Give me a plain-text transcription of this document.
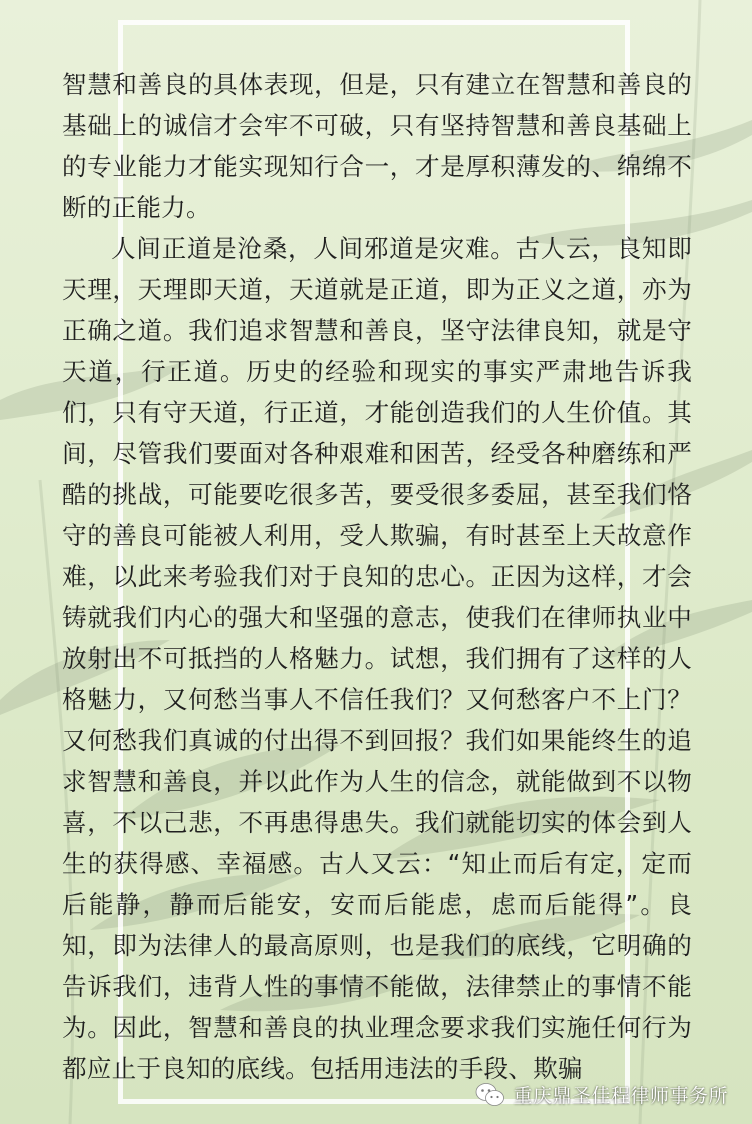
智慧和善良的具体表现，但是，只有建立在智慧和善良的基础上的诚信才会牢不可破，只有坚持智慧和善良基础上的专业能力才能实现知行合一，才是厚积薄发的、绵绵不断的正能力。

人间正道是沧桑，人间邪道是灾难。古人云，良知即天理，天理即天道，天道就是正道，即为正义之道，亦为正确之道。我们追求智慧和善良，坚守法律良知，就是守天道，行正道。历史的经验和现实的事实严肃地告诉我们，只有守天道，行正道，才能创造我们的人生价值。其间，尽管我们要面对各种艰难和困苦，经受各种磨练和严酷的挑战，可能要吃很多苦，要受很多委屈，甚至我们恪守的善良可能被人利用，受人欺骗，有时甚至上天故意作难，以此来考验我们对于良知的忠心。正因为这样，才会铸就我们内心的强大和坚强的意志，使我们在律师执业中放射出不可抵挡的人格魅力。试想，我们拥有了这样的人格魅力，又何愁当事人不信任我们？又何愁客户不上门？又何愁我们真诚的付出得不到回报？我们如果能终生的追求智慧和善良，并以此作为人生的信念，就能做到不以物喜，不以己悲，不再患得患失。我们就能切实的体会到人生的获得感、幸福感。古人又云：“知止而后有定，定而后能静，静而后能安，安而后能虑，虑而后能得”。良知，即为法律人的最高原则，也是我们的底线，它明确的告诉我们，违背人性的事情不能做，法律禁止的事情不能为。因此，智慧和善良的执业理念要求我们实施任何行为都应止于良知的底线。包括用违法的手段、欺骗

重庆鼎圣佳程律师事务所
